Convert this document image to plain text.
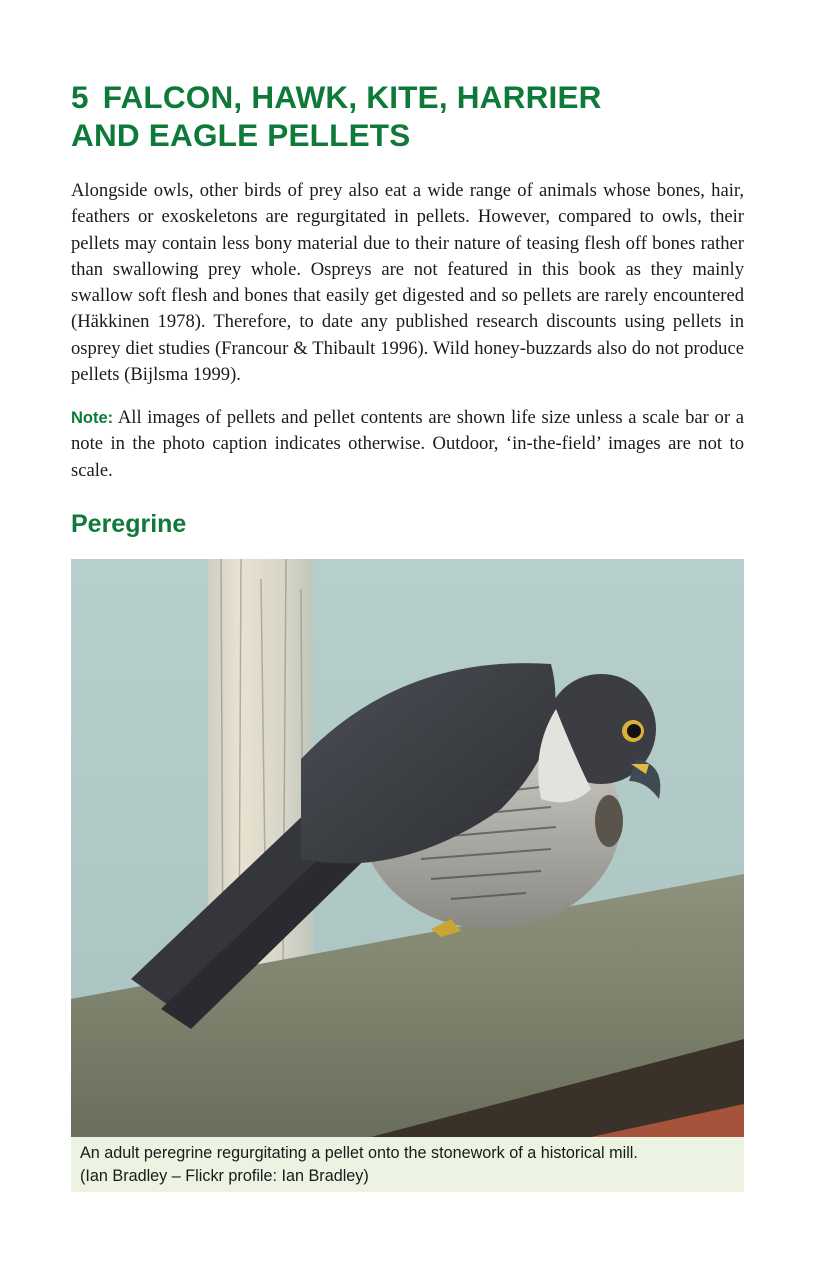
5 FALCON, HAWK, KITE, HARRIER
AND EAGLE PELLETS

Alongside owls, other birds of prey also eat a wide range of animals whose bones, hair, feathers or exoskeletons are regurgitated in pellets. However, compared to owls, their pellets may contain less bony material due to their nature of teasing flesh off bones rather than swallowing prey whole. Ospreys are not featured in this book as they mainly swallow soft flesh and bones that easily get digested and so pellets are rarely encountered (Häkkinen 1978). Therefore, to date any published research discounts using pellets in osprey diet studies (Francour & Thibault 1996). Wild honey-buzzards also do not produce pellets (Bijlsma 1999).

Note: All images of pellets and pellet contents are shown life size unless a scale bar or a note in the photo caption indicates otherwise. Outdoor, ‘in-the-field’ images are not to scale.

Peregrine
An adult peregrine regurgitating a pellet onto the stonework of a historical mill.
(Ian Bradley – Flickr profile: Ian Bradley)
